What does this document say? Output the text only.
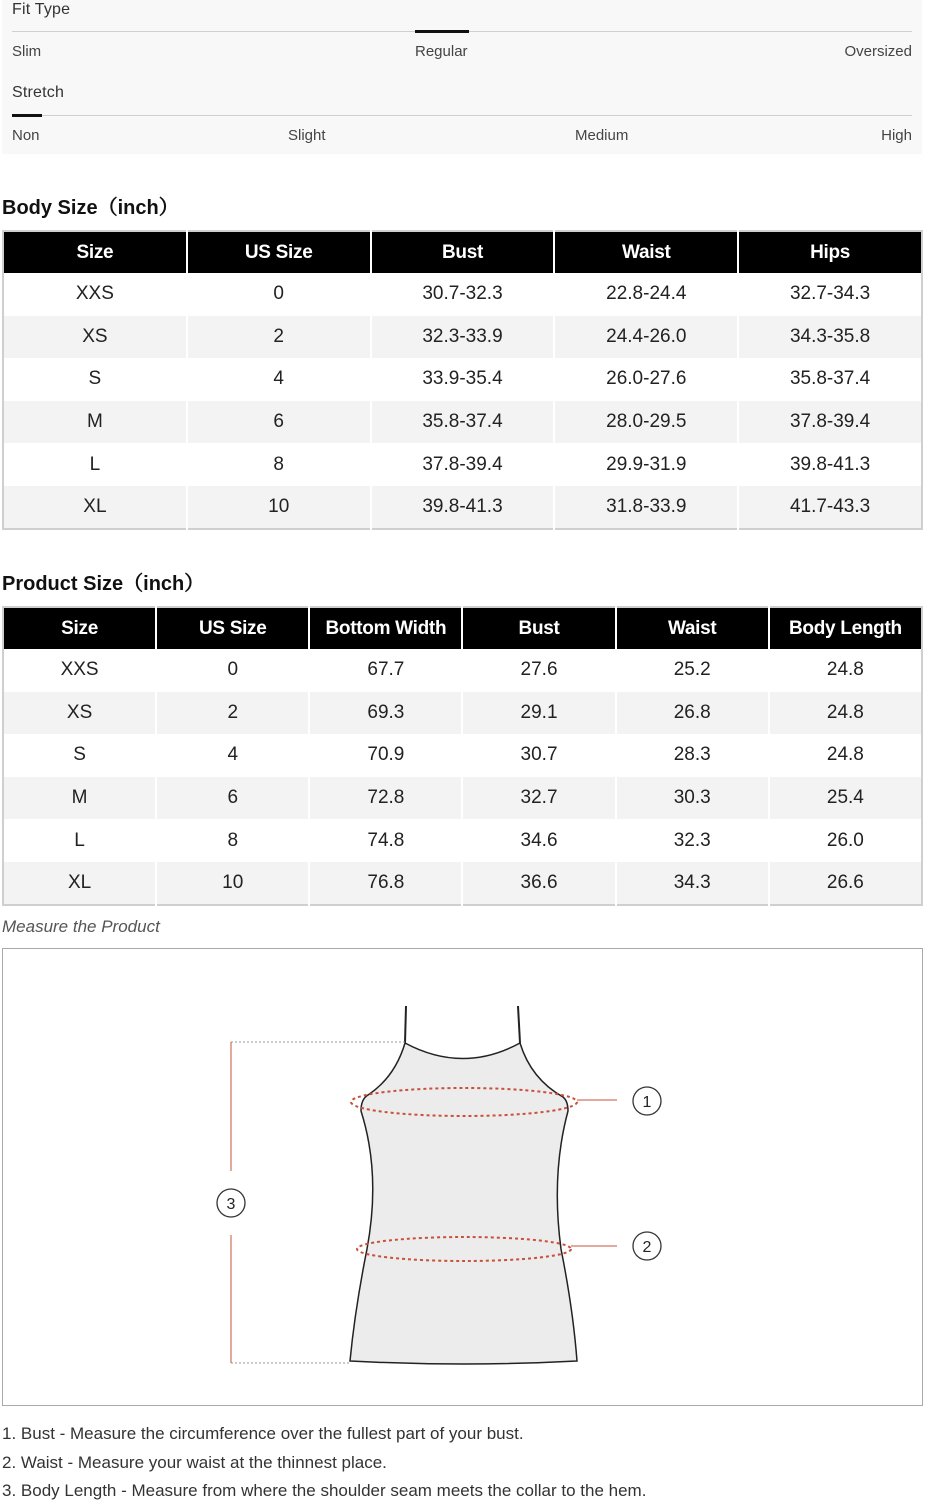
Fit Type
Slim	Regular	Oversized
Stretch
Non	Slight	Medium	High
Body Size（inch）
Size	US Size	Bust	Waist	Hips
XXS	0	30.7-32.3	22.8-24.4	32.7-34.3
XS	2	32.3-33.9	24.4-26.0	34.3-35.8
S	4	33.9-35.4	26.0-27.6	35.8-37.4
M	6	35.8-37.4	28.0-29.5	37.8-39.4
L	8	37.8-39.4	29.9-31.9	39.8-41.3
XL	10	39.8-41.3	31.8-33.9	41.7-43.3
Product Size（inch）
Size	US Size	Bottom Width	Bust	Waist	Body Length
XXS	0	67.7	27.6	25.2	24.8
XS	2	69.3	29.1	26.8	24.8
S	4	70.9	30.7	28.3	24.8
M	6	72.8	32.7	30.3	25.4
L	8	74.8	34.6	32.3	26.0
XL	10	76.8	36.6	34.3	26.6
Measure the Product
1
2
3
1. Bust - Measure the circumference over the fullest part of your bust.
2. Waist - Measure your waist at the thinnest place.
3. Body Length - Measure from where the shoulder seam meets the collar to the hem.
